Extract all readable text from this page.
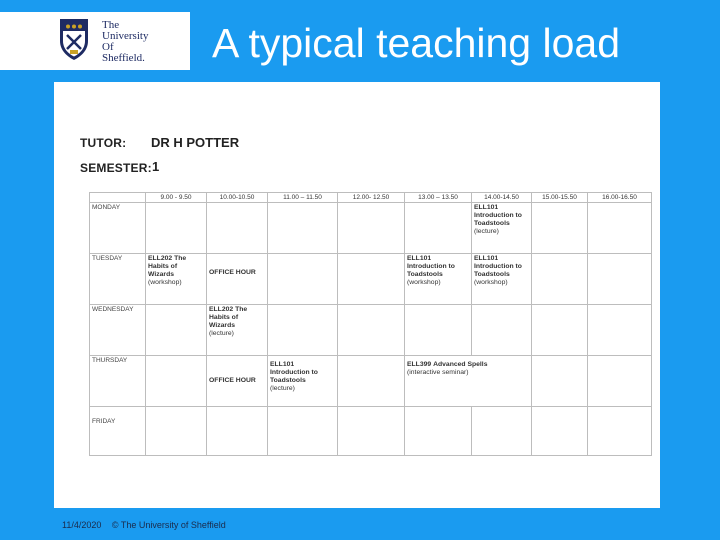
The
University
Of
Sheffield. A typical teaching load
TUTOR: DR H POTTER
SEMESTER: 1
	9.00 - 9.50	10.00-10.50	11.00 – 11.50	12.00- 12.50	13.00 – 13.50	14.00-14.50	15.00-15.50	16.00-16.50
MONDAY						ELL101
Introduction to Toadstools
(lecture)		

TUESDAY	ELL202 The Habits of Wizards
(workshop)	OFFICE HOUR			ELL101
Introduction to Toadstools
(workshop)	ELL101
Introduction to Toadstools
(workshop)		

WEDNESDAY		ELL202 The Habits of Wizards
(lecture)						

THURSDAY		OFFICE HOUR	ELL101
Introduction to Toadstools
(lecture)		ELL399 Advanced Spells
(interactive seminar)			

FRIDAY								

11/4/2020 © The University of Sheffield
